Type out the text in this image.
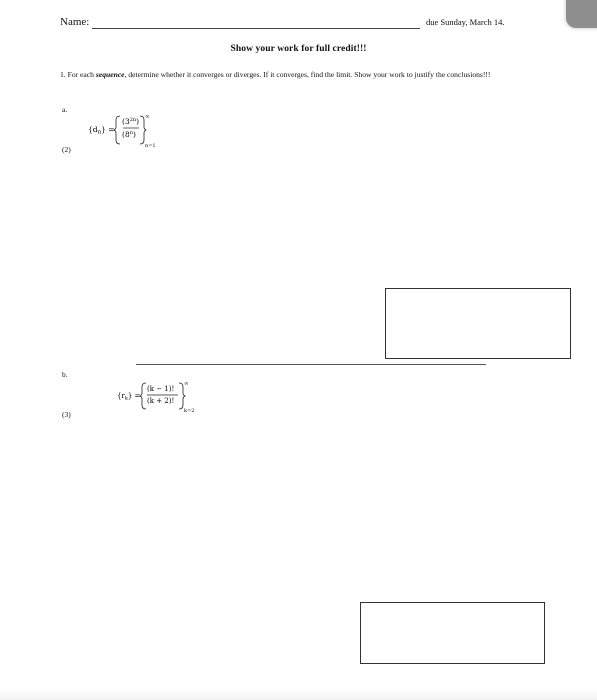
Name:	due Sunday, March 14.
Show your work for full credit!!!
1. For each sequence, determine whether it converges or diverges. If it converges, find the limit. Show your work to justify the conclusions!!!
a.
(2)
$\{d_n\}$ =
$(3^{2n})$
(8$^n$)
∞
n=1
b.
(3)
$\{r_k\}$ =
(k − 1)!
(k + 2)!
∞
k=2
